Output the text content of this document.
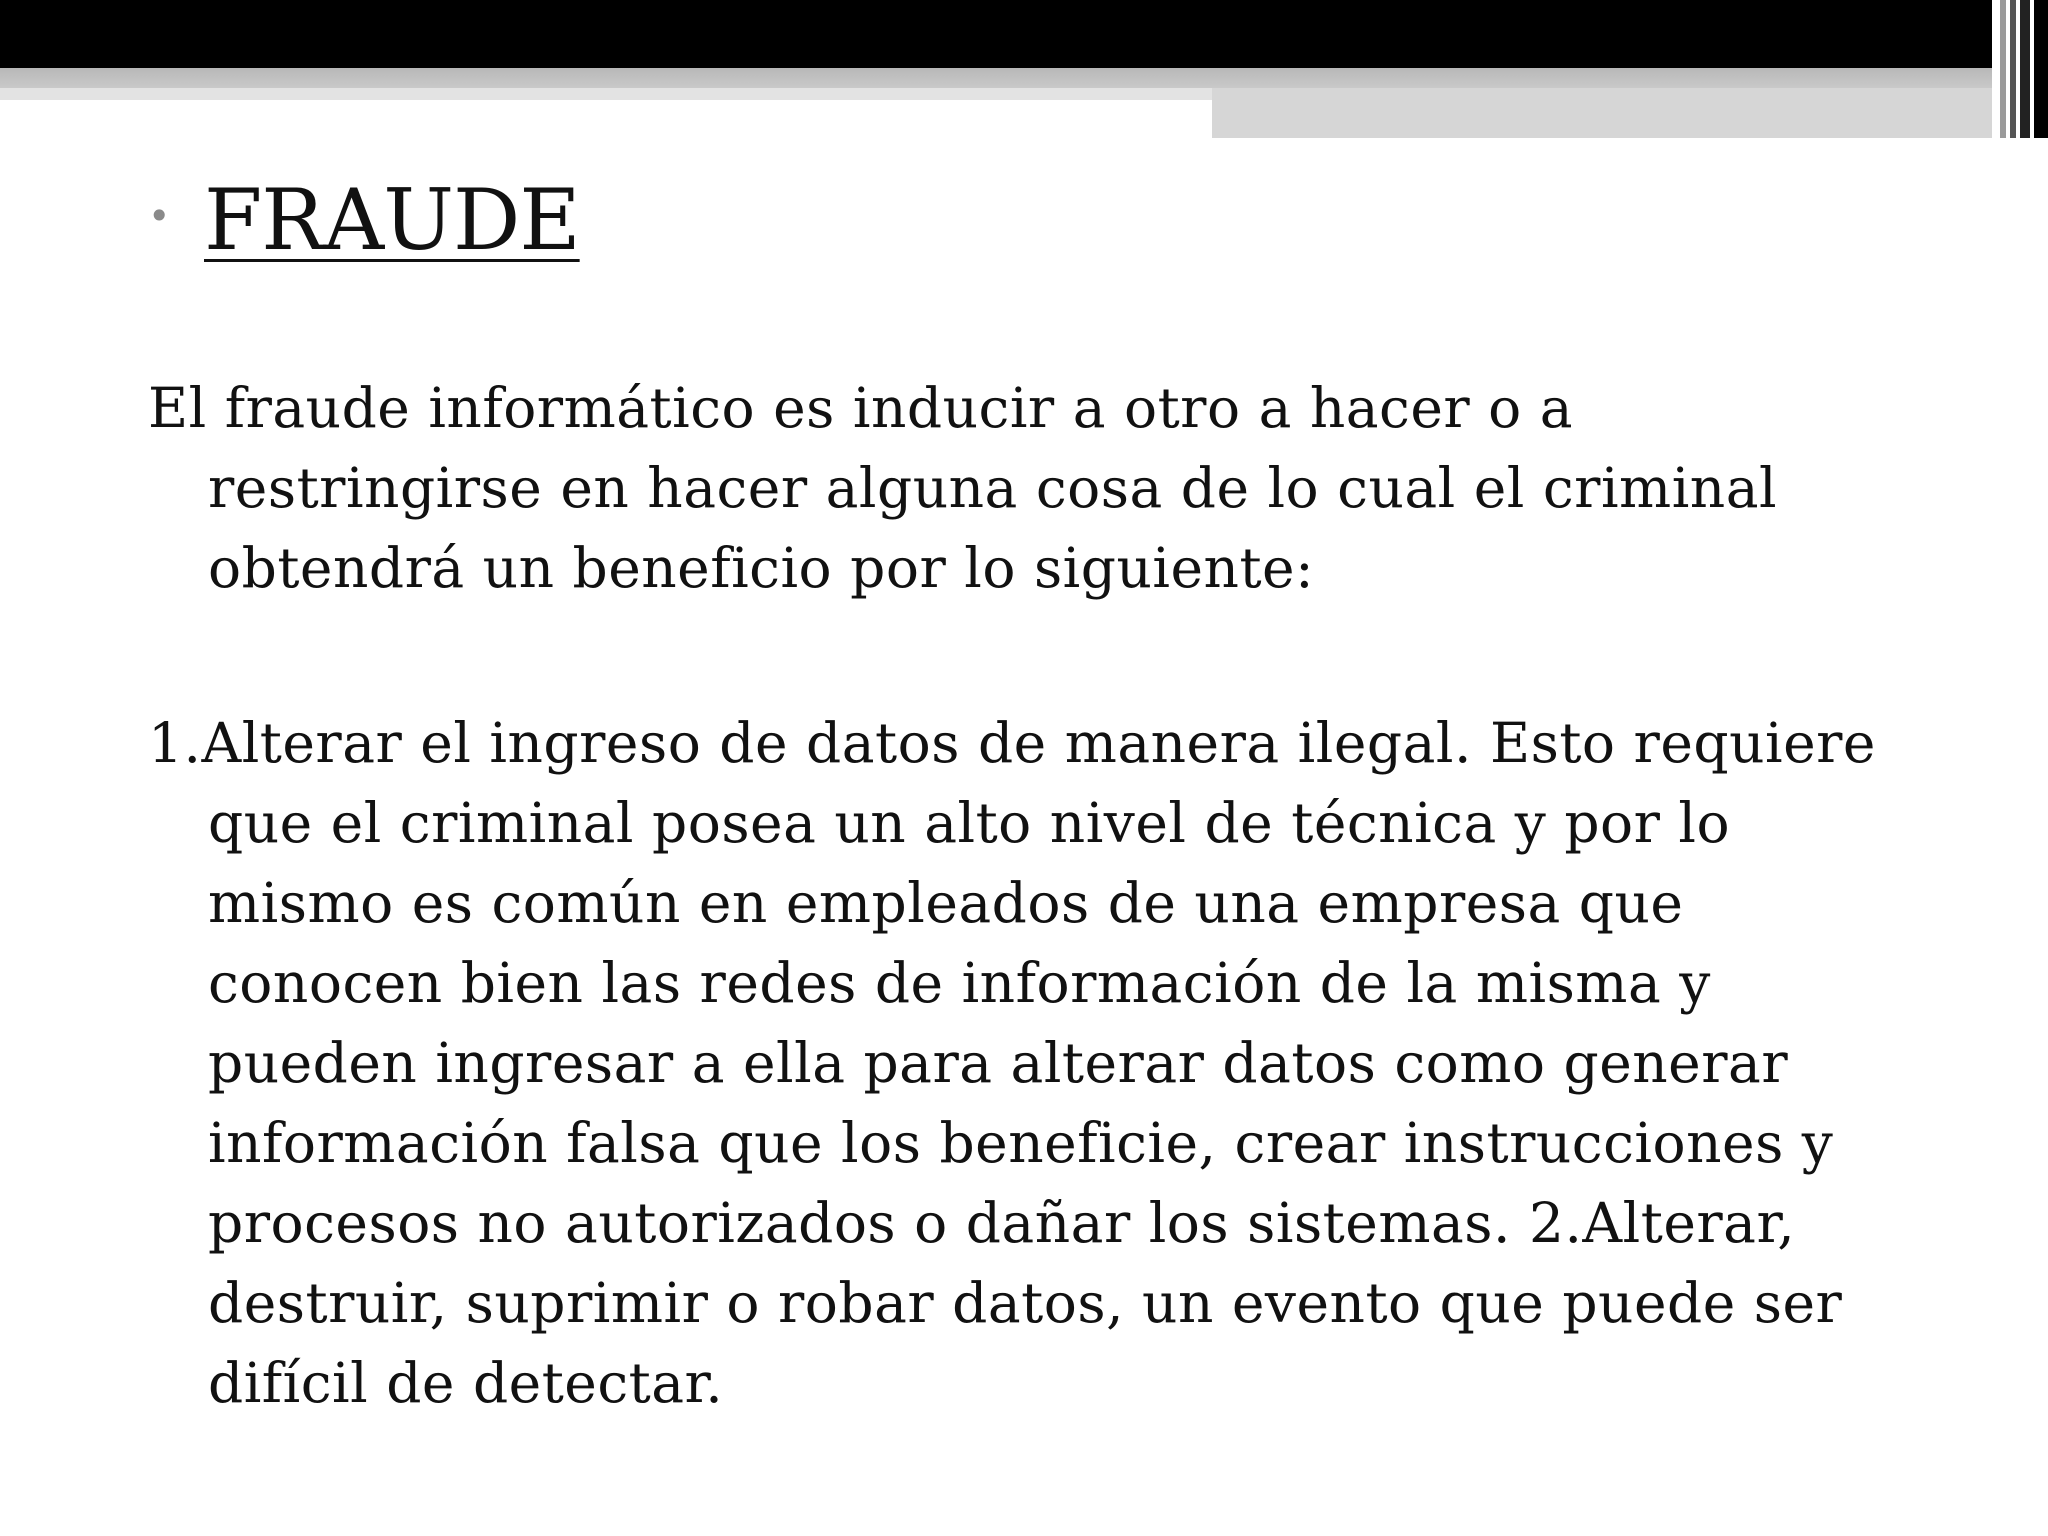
• FRAUDE

El fraude informático es inducir a otro a hacer o a restringirse en hacer alguna cosa de lo cual el criminal obtendrá un beneficio por lo siguiente:

1.Alterar el ingreso de datos de manera ilegal. Esto requiere que el criminal posea un alto nivel de técnica y por lo mismo es común en empleados de una empresa que conocen bien las redes de información de la misma y pueden ingresar a ella para alterar datos como generar información falsa que los beneficie, crear instrucciones y procesos no autorizados o dañar los sistemas. 2.Alterar, destruir, suprimir o robar datos, un evento que puede ser difícil de detectar.
